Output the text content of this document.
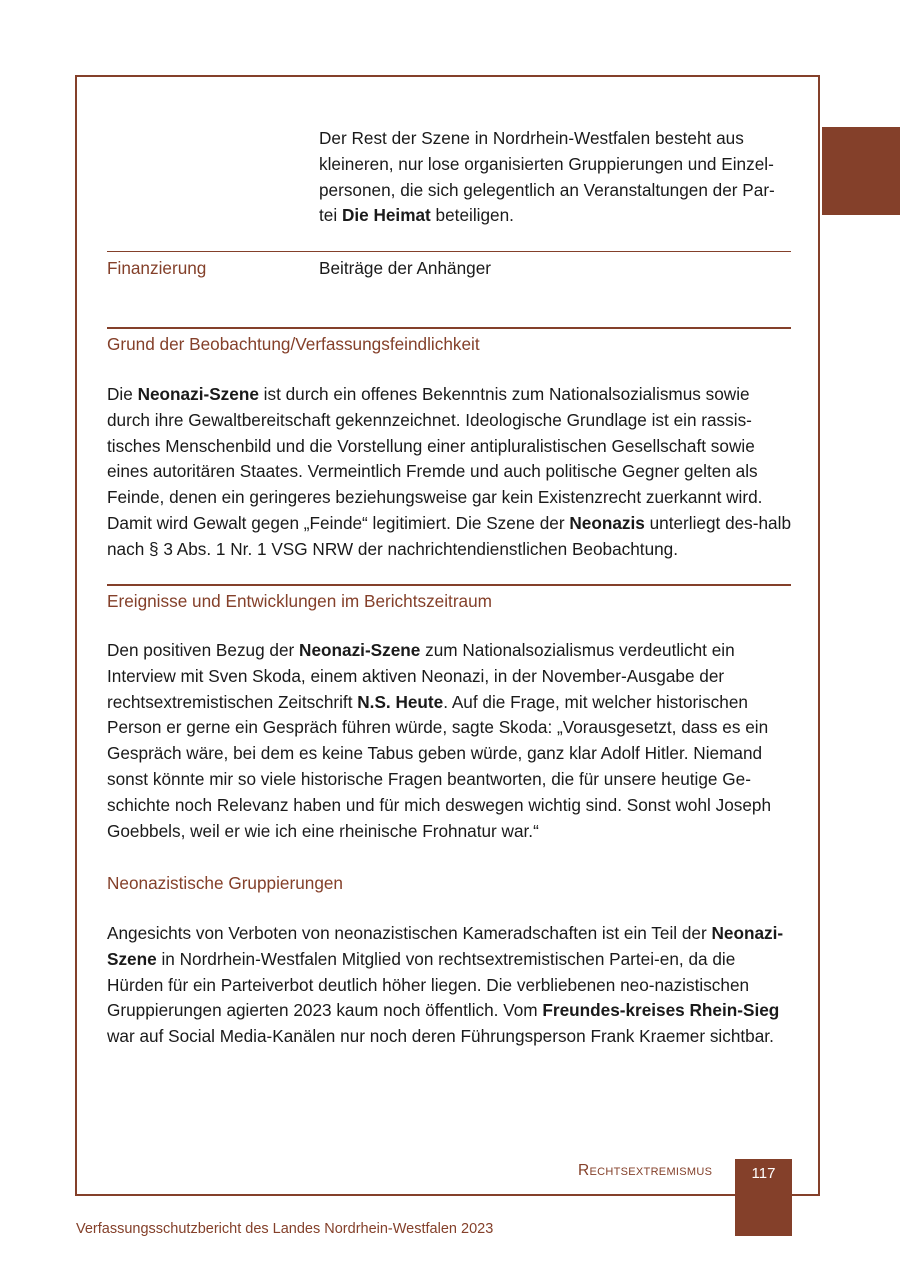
Der Rest der Szene in Nordrhein-Westfalen besteht aus kleineren, nur lose organisierten Gruppierungen und Einzel-personen, die sich gelegentlich an Veranstaltungen der Par-tei Die Heimat beteiligen.

Finanzierung	Beiträge der Anhänger
Grund der Beobachtung/Verfassungsfeindlichkeit

Die Neonazi-Szene ist durch ein offenes Bekenntnis zum Nationalsozialismus sowie durch ihre Gewaltbereitschaft gekennzeichnet. Ideologische Grundlage ist ein rassis-tisches Menschenbild und die Vorstellung einer antipluralistischen Gesellschaft sowie eines autoritären Staates. Vermeintlich Fremde und auch politische Gegner gelten als Feinde, denen ein geringeres beziehungsweise gar kein Existenzrecht zuerkannt wird. Damit wird Gewalt gegen „Feinde“ legitimiert. Die Szene der Neonazis unterliegt des-halb nach § 3 Abs. 1 Nr. 1 VSG NRW der nachrichtendienstlichen Beobachtung.

Ereignisse und Entwicklungen im Berichtszeitraum

Den positiven Bezug der Neonazi-Szene zum Nationalsozialismus verdeutlicht ein Interview mit Sven Skoda, einem aktiven Neonazi, in der November-Ausgabe der rechtsextremistischen Zeitschrift N.S. Heute. Auf die Frage, mit welcher historischen Person er gerne ein Gespräch führen würde, sagte Skoda: „Vorausgesetzt, dass es ein Gespräch wäre, bei dem es keine Tabus geben würde, ganz klar Adolf Hitler. Niemand sonst könnte mir so viele historische Fragen beantworten, die für unsere heutige Ge-schichte noch Relevanz haben und für mich deswegen wichtig sind. Sonst wohl Joseph Goebbels, weil er wie ich eine rheinische Frohnatur war.“

Neonazistische Gruppierungen

Angesichts von Verboten von neonazistischen Kameradschaften ist ein Teil der Neonazi-Szene in Nordrhein-Westfalen Mitglied von rechtsextremistischen Partei-en, da die Hürden für ein Parteiverbot deutlich höher liegen. Die verbliebenen neo-nazistischen Gruppierungen agierten 2023 kaum noch öffentlich. Vom Freundes-kreises Rhein-Sieg war auf Social Media-Kanälen nur noch deren Führungsperson Frank Kraemer sichtbar.

Rechtsextremismus	117
Verfassungsschutzbericht des Landes Nordrhein-Westfalen 2023
